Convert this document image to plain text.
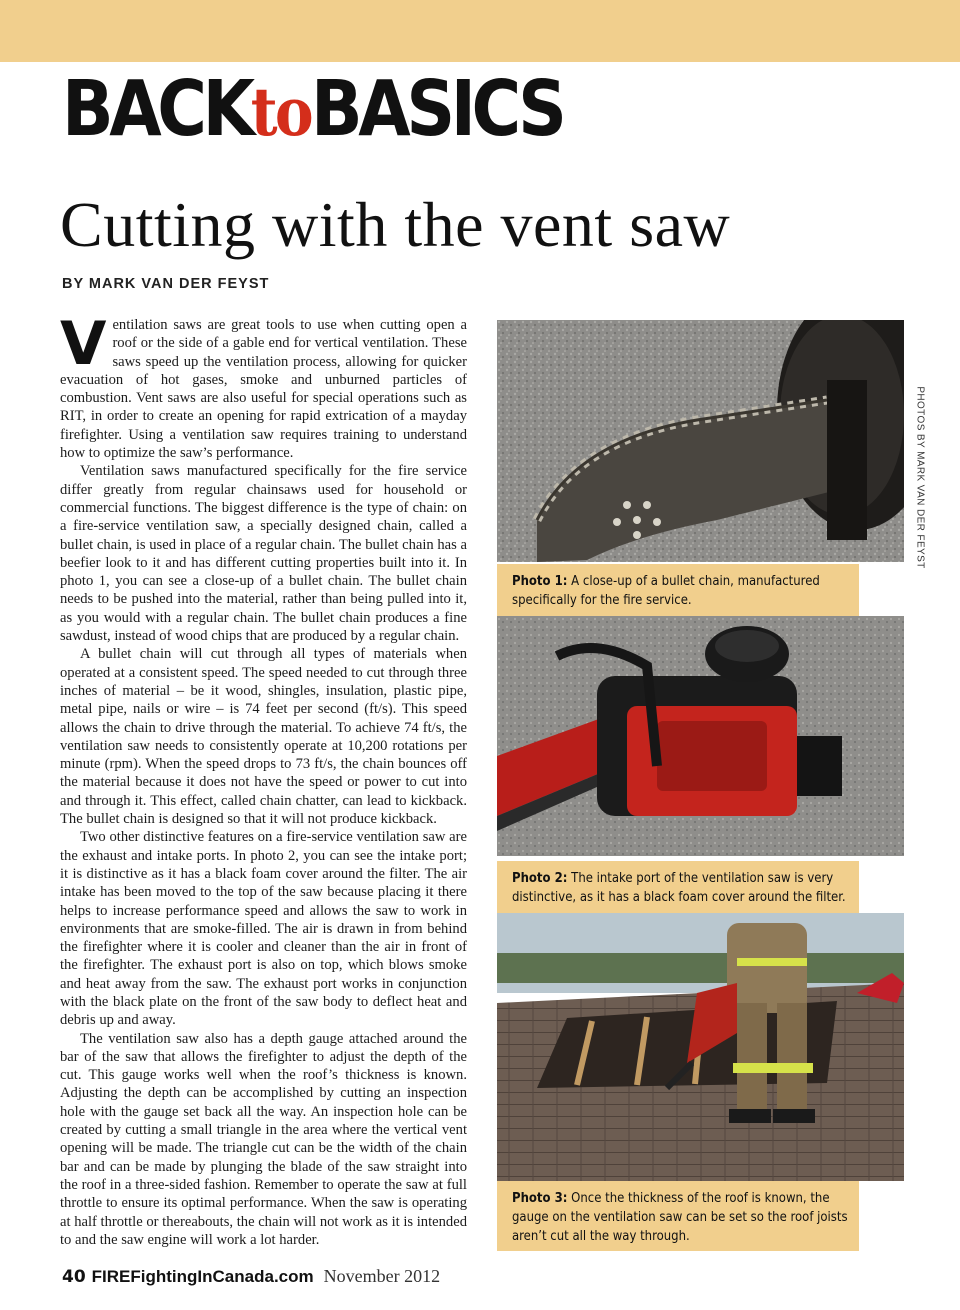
BACKtoBASICS
Cutting with the vent saw
BY MARK VAN DER FEYST

Ventilation saws are great tools to use when cutting open a roof or the side of a gable end for vertical ventilation. These saws speed up the ventilation process, allowing for quicker evacuation of hot gases, smoke and unburned particles of combustion. Vent saws are also useful for special operations such as RIT, in order to create an opening for rapid extrication of a mayday firefighter. Using a ventilation saw requires training to understand how to optimize the saw’s performance.

Ventilation saws manufactured specifically for the fire service differ greatly from regular chainsaws used for household or commercial functions. The biggest difference is the type of chain: on a fire-service ventilation saw, a specially designed chain, called a bullet chain, is used in place of a regular chain. The bullet chain has a beefier look to it and has different cutting properties built into it. In photo 1, you can see a close-up of a bullet chain. The bullet chain needs to be pushed into the material, rather than being pulled into it, as you would with a regular chain. The bullet chain produces a fine sawdust, instead of wood chips that are produced by a regular chain.

A bullet chain will cut through all types of materials when operated at a consistent speed. The speed needed to cut through three inches of material – be it wood, shingles, insulation, plastic pipe, metal pipe, nails or wire – is 74 feet per second (ft/s). This speed allows the chain to drive through the material. To achieve 74 ft/s, the ventilation saw needs to consistently operate at 10,200 rotations per minute (rpm). When the speed drops to 73 ft/s, the chain bounces off the material because it does not have the speed or power to cut into and through it. This effect, called chain chatter, can lead to kickback. The bullet chain is designed so that it will not produce kickback.

Two other distinctive features on a fire-service ventilation saw are the exhaust and intake ports. In photo 2, you can see the intake port; it is distinctive as it has a black foam cover around the filter. The air intake has been moved to the top of the saw because placing it there helps to increase performance speed and allows the saw to work in environments that are smoke-filled. The air is drawn in from behind the firefighter where it is cooler and cleaner than the air in front of the firefighter. The exhaust port is also on top, which blows smoke and heat away from the saw. The exhaust port works in conjunction with the black plate on the front of the saw body to deflect heat and debris up and away.

The ventilation saw also has a depth gauge attached around the bar of the saw that allows the firefighter to adjust the depth of the cut. This gauge works well when the roof’s thickness is known. Adjusting the depth can be accomplished by cutting an inspection hole with the gauge set back all the way. An inspection hole can be created by cutting a small triangle in the area where the vertical vent opening will be made. The triangle cut can be the width of the chain bar and can be made by plunging the blade of the saw straight into the roof in a three-sided fashion. Remember to operate the saw at full throttle to ensure its optimal performance. When the saw is operating at half throttle or thereabouts, the chain will not work as it is intended to and the saw engine will work a lot harder.

Photo 1: A close-up of a bullet chain, manufactured specifically for the fire service.
Photo 2: The intake port of the ventilation saw is very distinctive, as it has a black foam cover around the filter.
Photo 3: Once the thickness of the roof is known, the gauge on the ventilation saw can be set so the roof joists aren’t cut all the way through.
PHOTOS BY MARK VAN DER FEYST
40 FIREFightingInCanada.com November 2012
